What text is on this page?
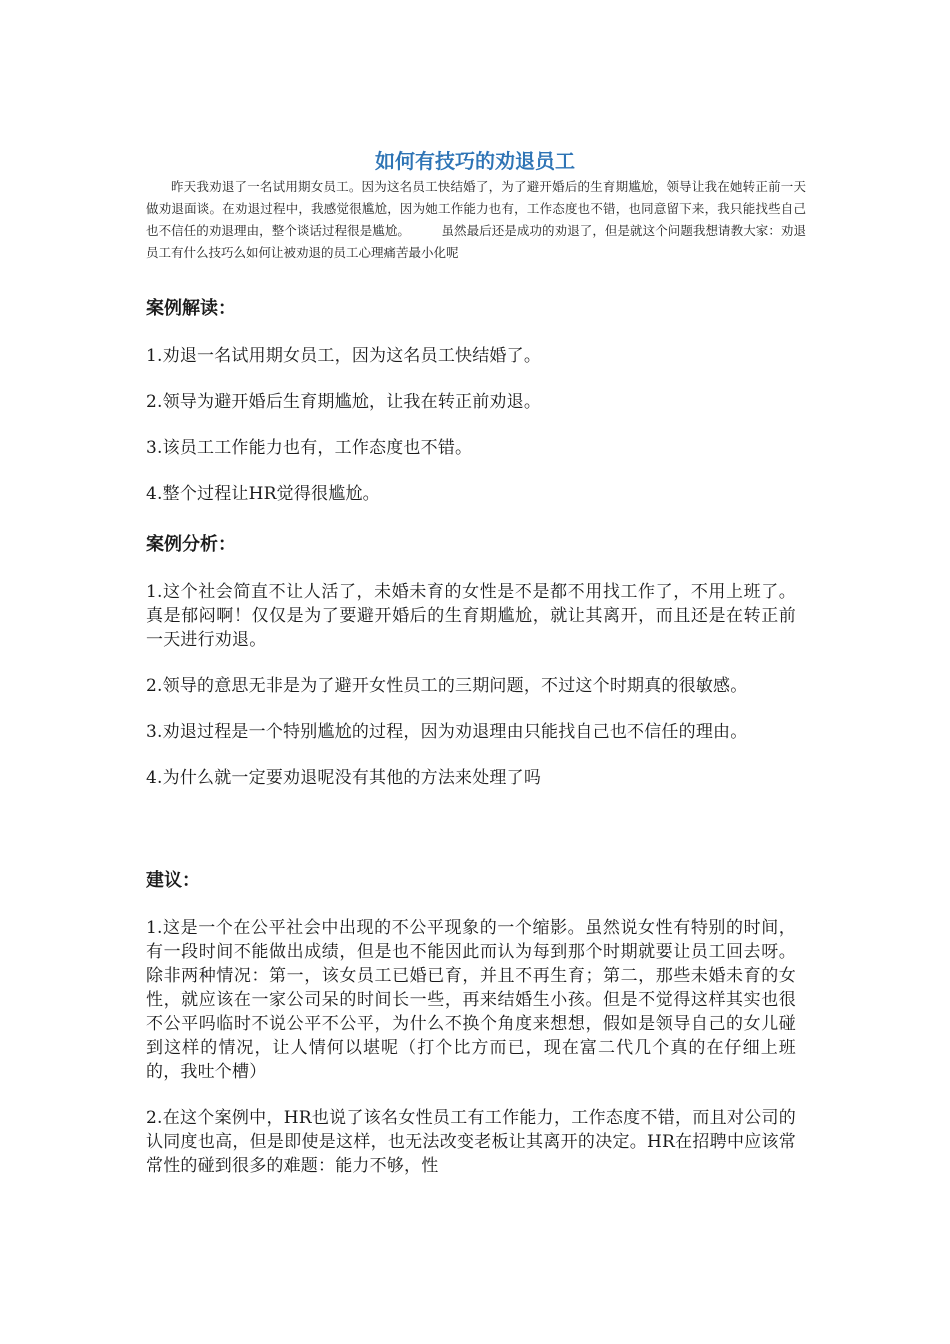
如何有技巧的劝退员工
昨天我劝退了一名试用期女员工。因为这名员工快结婚了，为了避开婚后的生育期尴尬，领导让我在她转正前一天做劝退面谈。在劝退过程中，我感觉很尴尬，因为她工作能力也有，工作态度也不错，也同意留下来，我只能找些自己也不信任的劝退理由，整个谈话过程很是尴尬。　　　虽然最后还是成功的劝退了，但是就这个问题我想请教大家：劝退员工有什么技巧么如何让被劝退的员工心理痛苦最小化呢

案例解读：

1.劝退一名试用期女员工，因为这名员工快结婚了。

2.领导为避开婚后生育期尴尬，让我在转正前劝退。

3.该员工工作能力也有，工作态度也不错。

4.整个过程让HR觉得很尴尬。

案例分析：

1.这个社会简直不让人活了，未婚未育的女性是不是都不用找工作了，不用上班了。真是郁闷啊！仅仅是为了要避开婚后的生育期尴尬，就让其离开，而且还是在转正前一天进行劝退。

2.领导的意思无非是为了避开女性员工的三期问题，不过这个时期真的很敏感。

3.劝退过程是一个特别尴尬的过程，因为劝退理由只能找自己也不信任的理由。

4.为什么就一定要劝退呢没有其他的方法来处理了吗

建议：

1.这是一个在公平社会中出现的不公平现象的一个缩影。虽然说女性有特别的时间，有一段时间不能做出成绩，但是也不能因此而认为每到那个时期就要让员工回去呀。除非两种情况：第一，该女员工已婚已育，并且不再生育；第二，那些未婚未育的女性，就应该在一家公司呆的时间长一些，再来结婚生小孩。但是不觉得这样其实也很不公平吗临时不说公平不公平，为什么不换个角度来想想，假如是领导自己的女儿碰到这样的情况，让人情何以堪呢（打个比方而已，现在富二代几个真的在仔细上班的，我吐个槽）

2.在这个案例中，HR也说了该名女性员工有工作能力，工作态度不错，而且对公司的认同度也高，但是即使是这样，也无法改变老板让其离开的决定。HR在招聘中应该常常性的碰到很多的难题：能力不够，性
